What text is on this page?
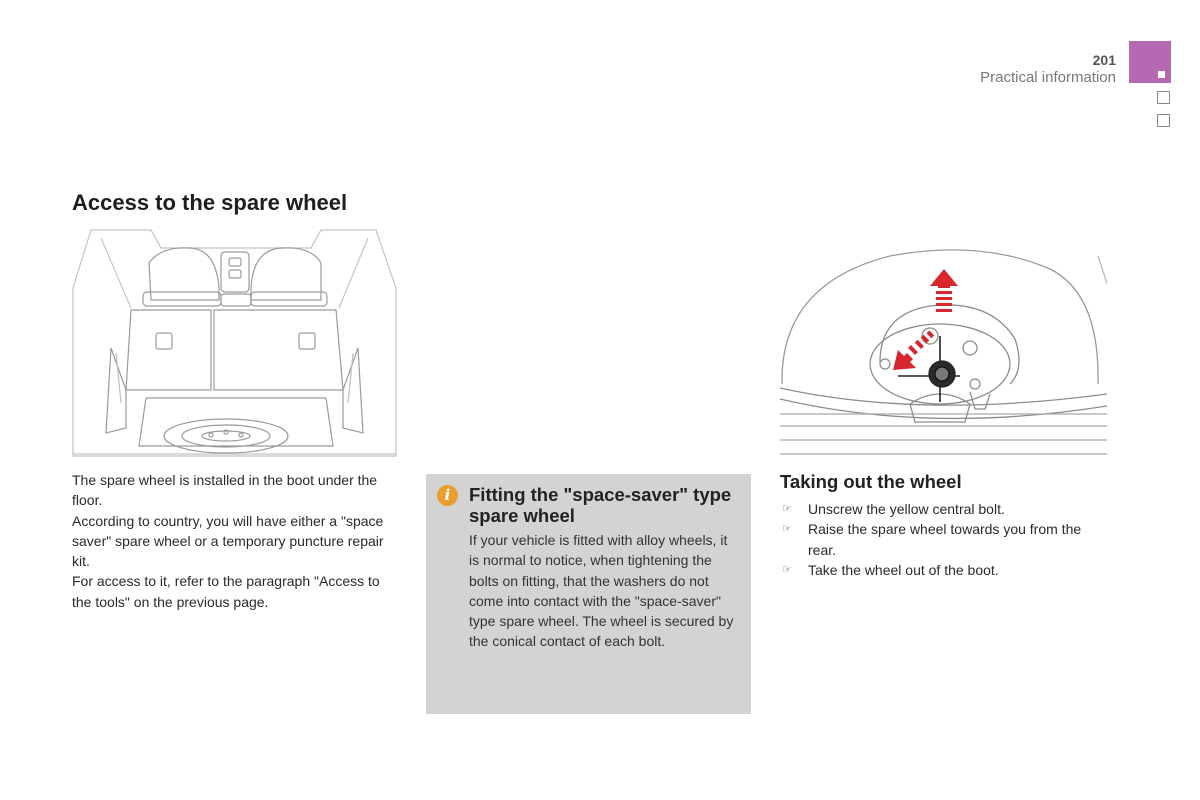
201
Practical information
Access to the spare wheel

The spare wheel is installed in the boot under the floor.

According to country, you will have either a "space saver" spare wheel or a temporary puncture repair kit.

For access to it, refer to the paragraph "Access to the tools" on the previous page.

i	Fitting the "space-saver" type spare wheel

If your vehicle is fitted with alloy wheels, it is normal to notice, when tightening the bolts on fitting, that the washers do not come into contact with the "space-saver" type spare wheel. The wheel is secured by the conical contact of each bolt.

Taking out the wheel
☞ Unscrew the yellow central bolt.
☞ Raise the spare wheel towards you from the rear.
☞ Take the wheel out of the boot.
